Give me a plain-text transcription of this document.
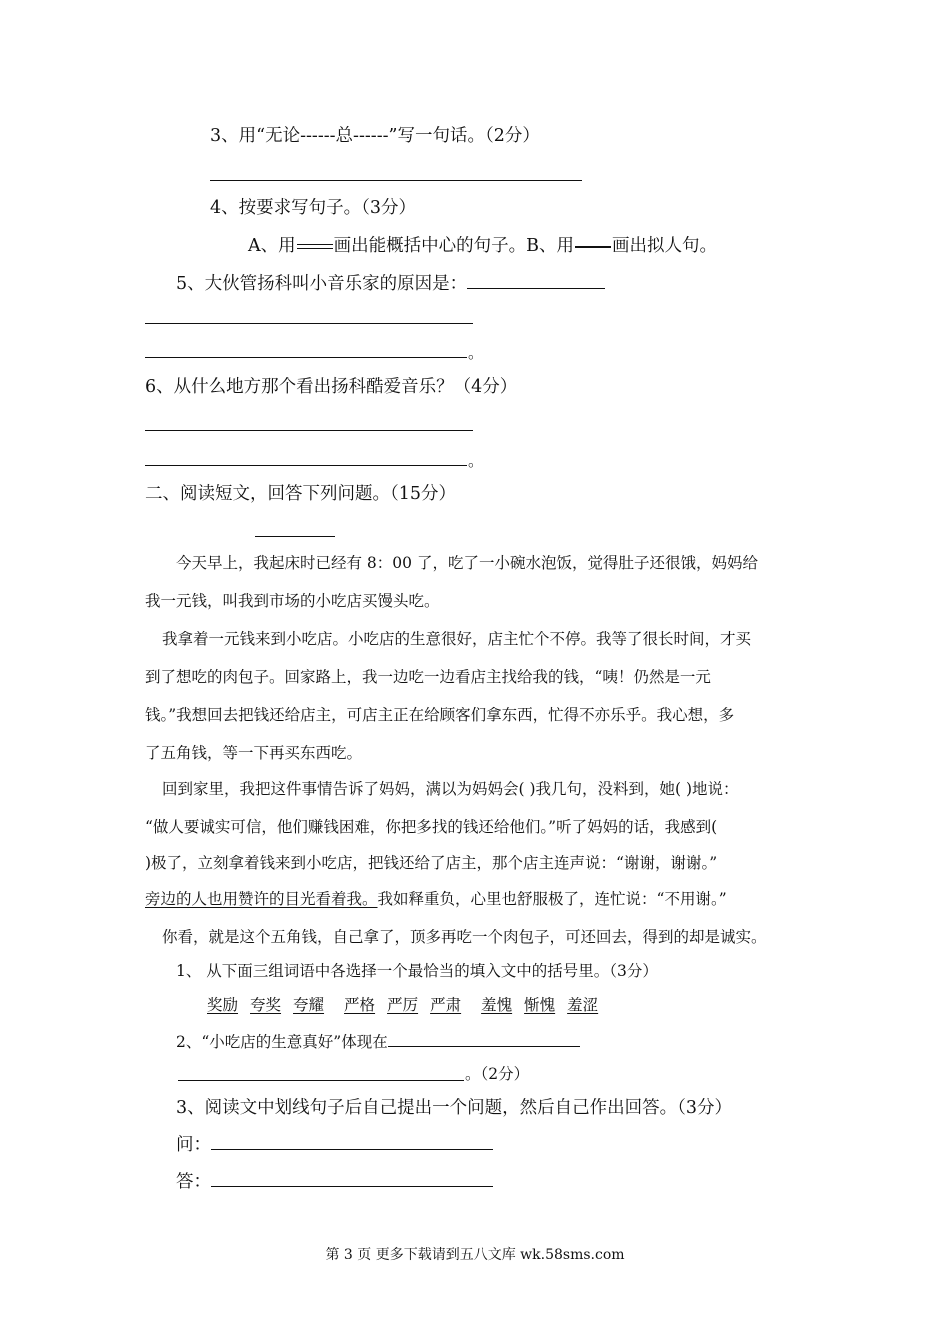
3、用“无论------总------”写一句话。（2分）
4、按要求写句子。（3分）
A、用 画出能概括中心的句子。B、用 画出拟人句。
5、大伙管扬科叫小音乐家的原因是：
。
6、从什么地方那个看出扬科酷爱音乐？（4分）
。
二、阅读短文，回答下列问题。（15分）
今天早上，我起床时已经有 8：00 了，吃了一小碗水泡饭，觉得肚子还很饿，妈妈给
我一元钱，叫我到市场的小吃店买馒头吃。
我拿着一元钱来到小吃店。小吃店的生意很好，店主忙个不停。我等了很长时间，才买
到了想吃的肉包子。回家路上，我一边吃一边看店主找给我的钱，“咦！仍然是一元
钱。”我想回去把钱还给店主，可店主正在给顾客们拿东西，忙得不亦乐乎。我心想，多
了五角钱，等一下再买东西吃。
回到家里，我把这件事情告诉了妈妈，满以为妈妈会( )我几句，没料到，她( )地说：
“做人要诚实可信，他们赚钱困难，你把多找的钱还给他们。”听了妈妈的话，我感到(
)极了，立刻拿着钱来到小吃店，把钱还给了店主，那个店主连声说：“谢谢，谢谢。”
旁边的人也用赞许的目光看着我。我如释重负，心里也舒服极了，连忙说：“不用谢。”
你看，就是这个五角钱，自己拿了，顶多再吃一个肉包子，可还回去，得到的却是诚实。
1、 从下面三组词语中各选择一个最恰当的填入文中的括号里。（3分）
奖励 夸奖 夸耀 严格 严厉 严肃 羞愧 惭愧 羞涩
2、“小吃店的生意真好”体现在
。（2分）
3、阅读文中划线句子后自己提出一个问题，然后自己作出回答。（3分）
问：
答：
第 3 页 更多下载请到五八文库 wk.58sms.com
